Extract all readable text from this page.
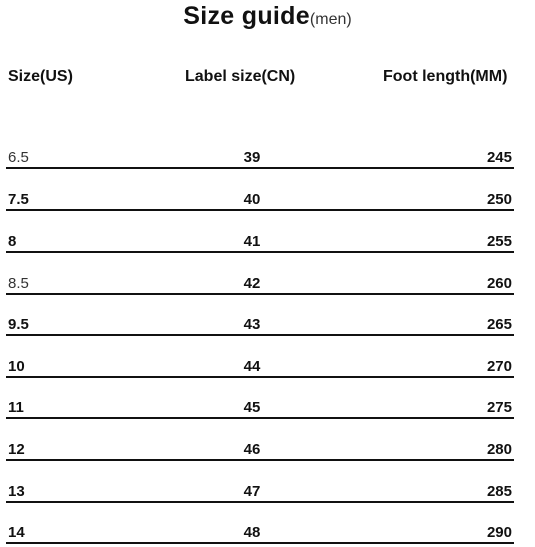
Size guide(men)
Size(US)	Label size(CN)	Foot length(MM)
6.5	39	245
7.5	40	250
8	41	255
8.5	42	260
9.5	43	265
10	44	270
11	45	275
12	46	280
13	47	285
14	48	290
